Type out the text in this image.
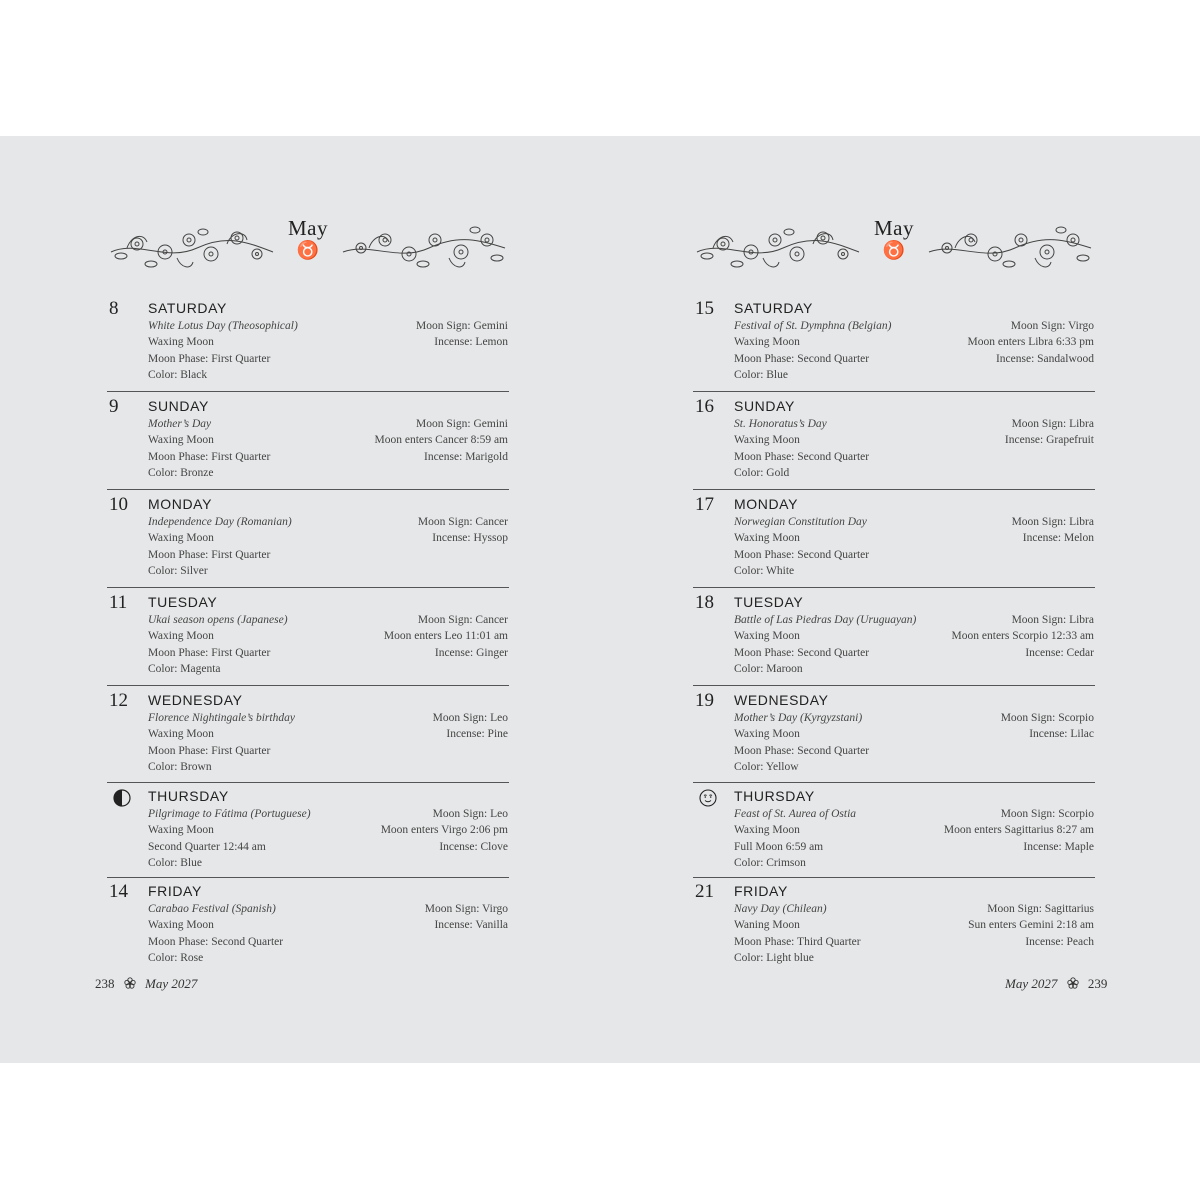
May
♉
8 SATURDAY
White Lotus Day (Theosophical)
Waxing Moon
Moon Phase: First Quarter
Color: Black
Moon Sign: Gemini
Incense: Lemon
9 SUNDAY
Mother’s Day
Waxing Moon
Moon Phase: First Quarter
Color: Bronze
Moon Sign: Gemini
Moon enters Cancer 8:59 am
Incense: Marigold
10 MONDAY
Independence Day (Romanian)
Waxing Moon
Moon Phase: First Quarter
Color: Silver
Moon Sign: Cancer
Incense: Hyssop
11 TUESDAY
Ukai season opens (Japanese)
Waxing Moon
Moon Phase: First Quarter
Color: Magenta
Moon Sign: Cancer
Moon enters Leo 11:01 am
Incense: Ginger
12 WEDNESDAY
Florence Nightingale’s birthday
Waxing Moon
Moon Phase: First Quarter
Color: Brown
Moon Sign: Leo
Incense: Pine
THURSDAY
Pilgrimage to Fátima (Portuguese)
Waxing Moon
Second Quarter 12:44 am
Color: Blue
Moon Sign: Leo
Moon enters Virgo 2:06 pm
Incense: Clove
14 FRIDAY
Carabao Festival (Spanish)
Waxing Moon
Moon Phase: Second Quarter
Color: Rose
Moon Sign: Virgo
Incense: Vanilla
238 May 2027
May
♉
15 SATURDAY
Festival of St. Dymphna (Belgian)
Waxing Moon
Moon Phase: Second Quarter
Color: Blue
Moon Sign: Virgo
Moon enters Libra 6:33 pm
Incense: Sandalwood
16 SUNDAY
St. Honoratus’s Day
Waxing Moon
Moon Phase: Second Quarter
Color: Gold
Moon Sign: Libra
Incense: Grapefruit
17 MONDAY
Norwegian Constitution Day
Waxing Moon
Moon Phase: Second Quarter
Color: White
Moon Sign: Libra
Incense: Melon
18 TUESDAY
Battle of Las Piedras Day (Uruguayan)
Waxing Moon
Moon Phase: Second Quarter
Color: Maroon
Moon Sign: Libra
Moon enters Scorpio 12:33 am
Incense: Cedar
19 WEDNESDAY
Mother’s Day (Kyrgyzstani)
Waxing Moon
Moon Phase: Second Quarter
Color: Yellow
Moon Sign: Scorpio
Incense: Lilac
THURSDAY
Feast of St. Aurea of Ostia
Waxing Moon
Full Moon 6:59 am
Color: Crimson
Moon Sign: Scorpio
Moon enters Sagittarius 8:27 am
Incense: Maple
21 FRIDAY
Navy Day (Chilean)
Waning Moon
Moon Phase: Third Quarter
Color: Light blue
Moon Sign: Sagittarius
Sun enters Gemini 2:18 am
Incense: Peach
May 2027 239
